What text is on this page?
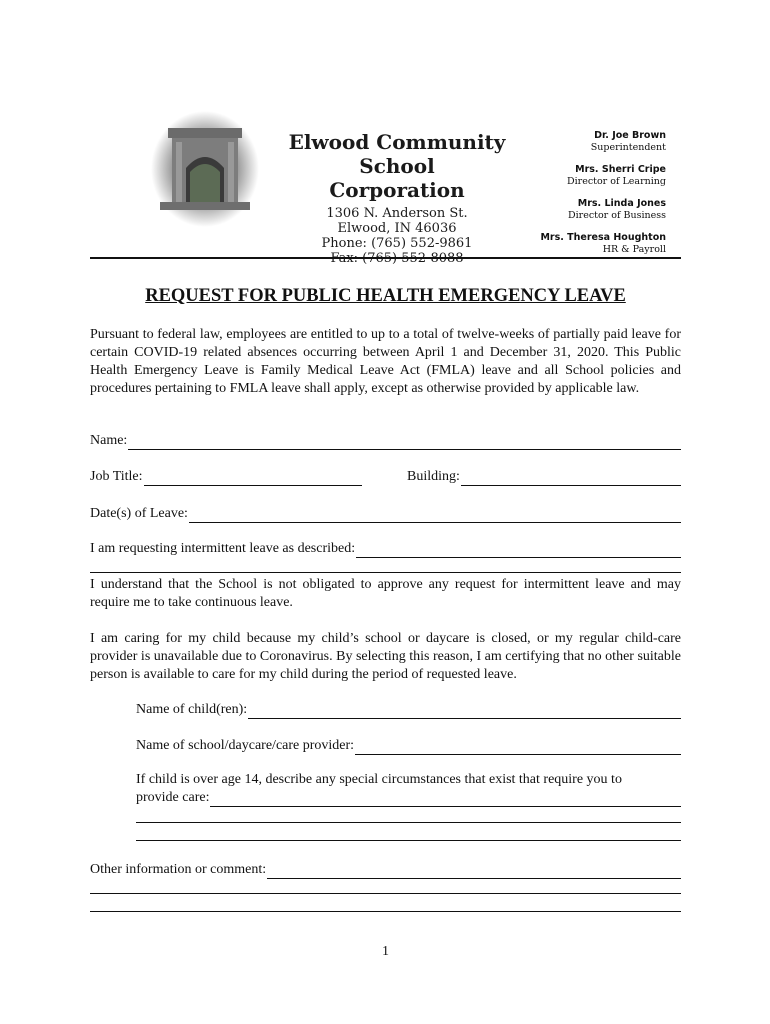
Elwood Community School

Corporation

1306 N. Anderson St.
Elwood, IN 46036
Phone: (765) 552-9861
Fax: (765) 552-8088
Dr. Joe Brown
Superintendent
Mrs. Sherri Cripe
Director of Learning
Mrs. Linda Jones
Director of Business
Mrs. Theresa Houghton
HR & Payroll
REQUEST FOR PUBLIC HEALTH EMERGENCY LEAVE

Pursuant to federal law, employees are entitled to up to a total of twelve-weeks of partially paid leave for certain COVID-19 related absences occurring between April 1 and December 31, 2020. This Public Health Emergency Leave is Family Medical Leave Act (FMLA) leave and all School policies and procedures pertaining to FMLA leave shall apply, except as otherwise provided by applicable law.

Name:
Job Title:	Building:
Date(s) of Leave:
I am requesting intermittent leave as described:

I understand that the School is not obligated to approve any request for intermittent leave and may require me to take continuous leave.

I am caring for my child because my child’s school or daycare is closed, or my regular child-care provider is unavailable due to Coronavirus. By selecting this reason, I am certifying that no other suitable person is available to care for my child during the period of requested leave.

Name of child(ren):
Name of school/daycare/care provider:
If child is over age 14, describe any special circumstances that exist that require you to
provide care:
Other information or comment:
1
